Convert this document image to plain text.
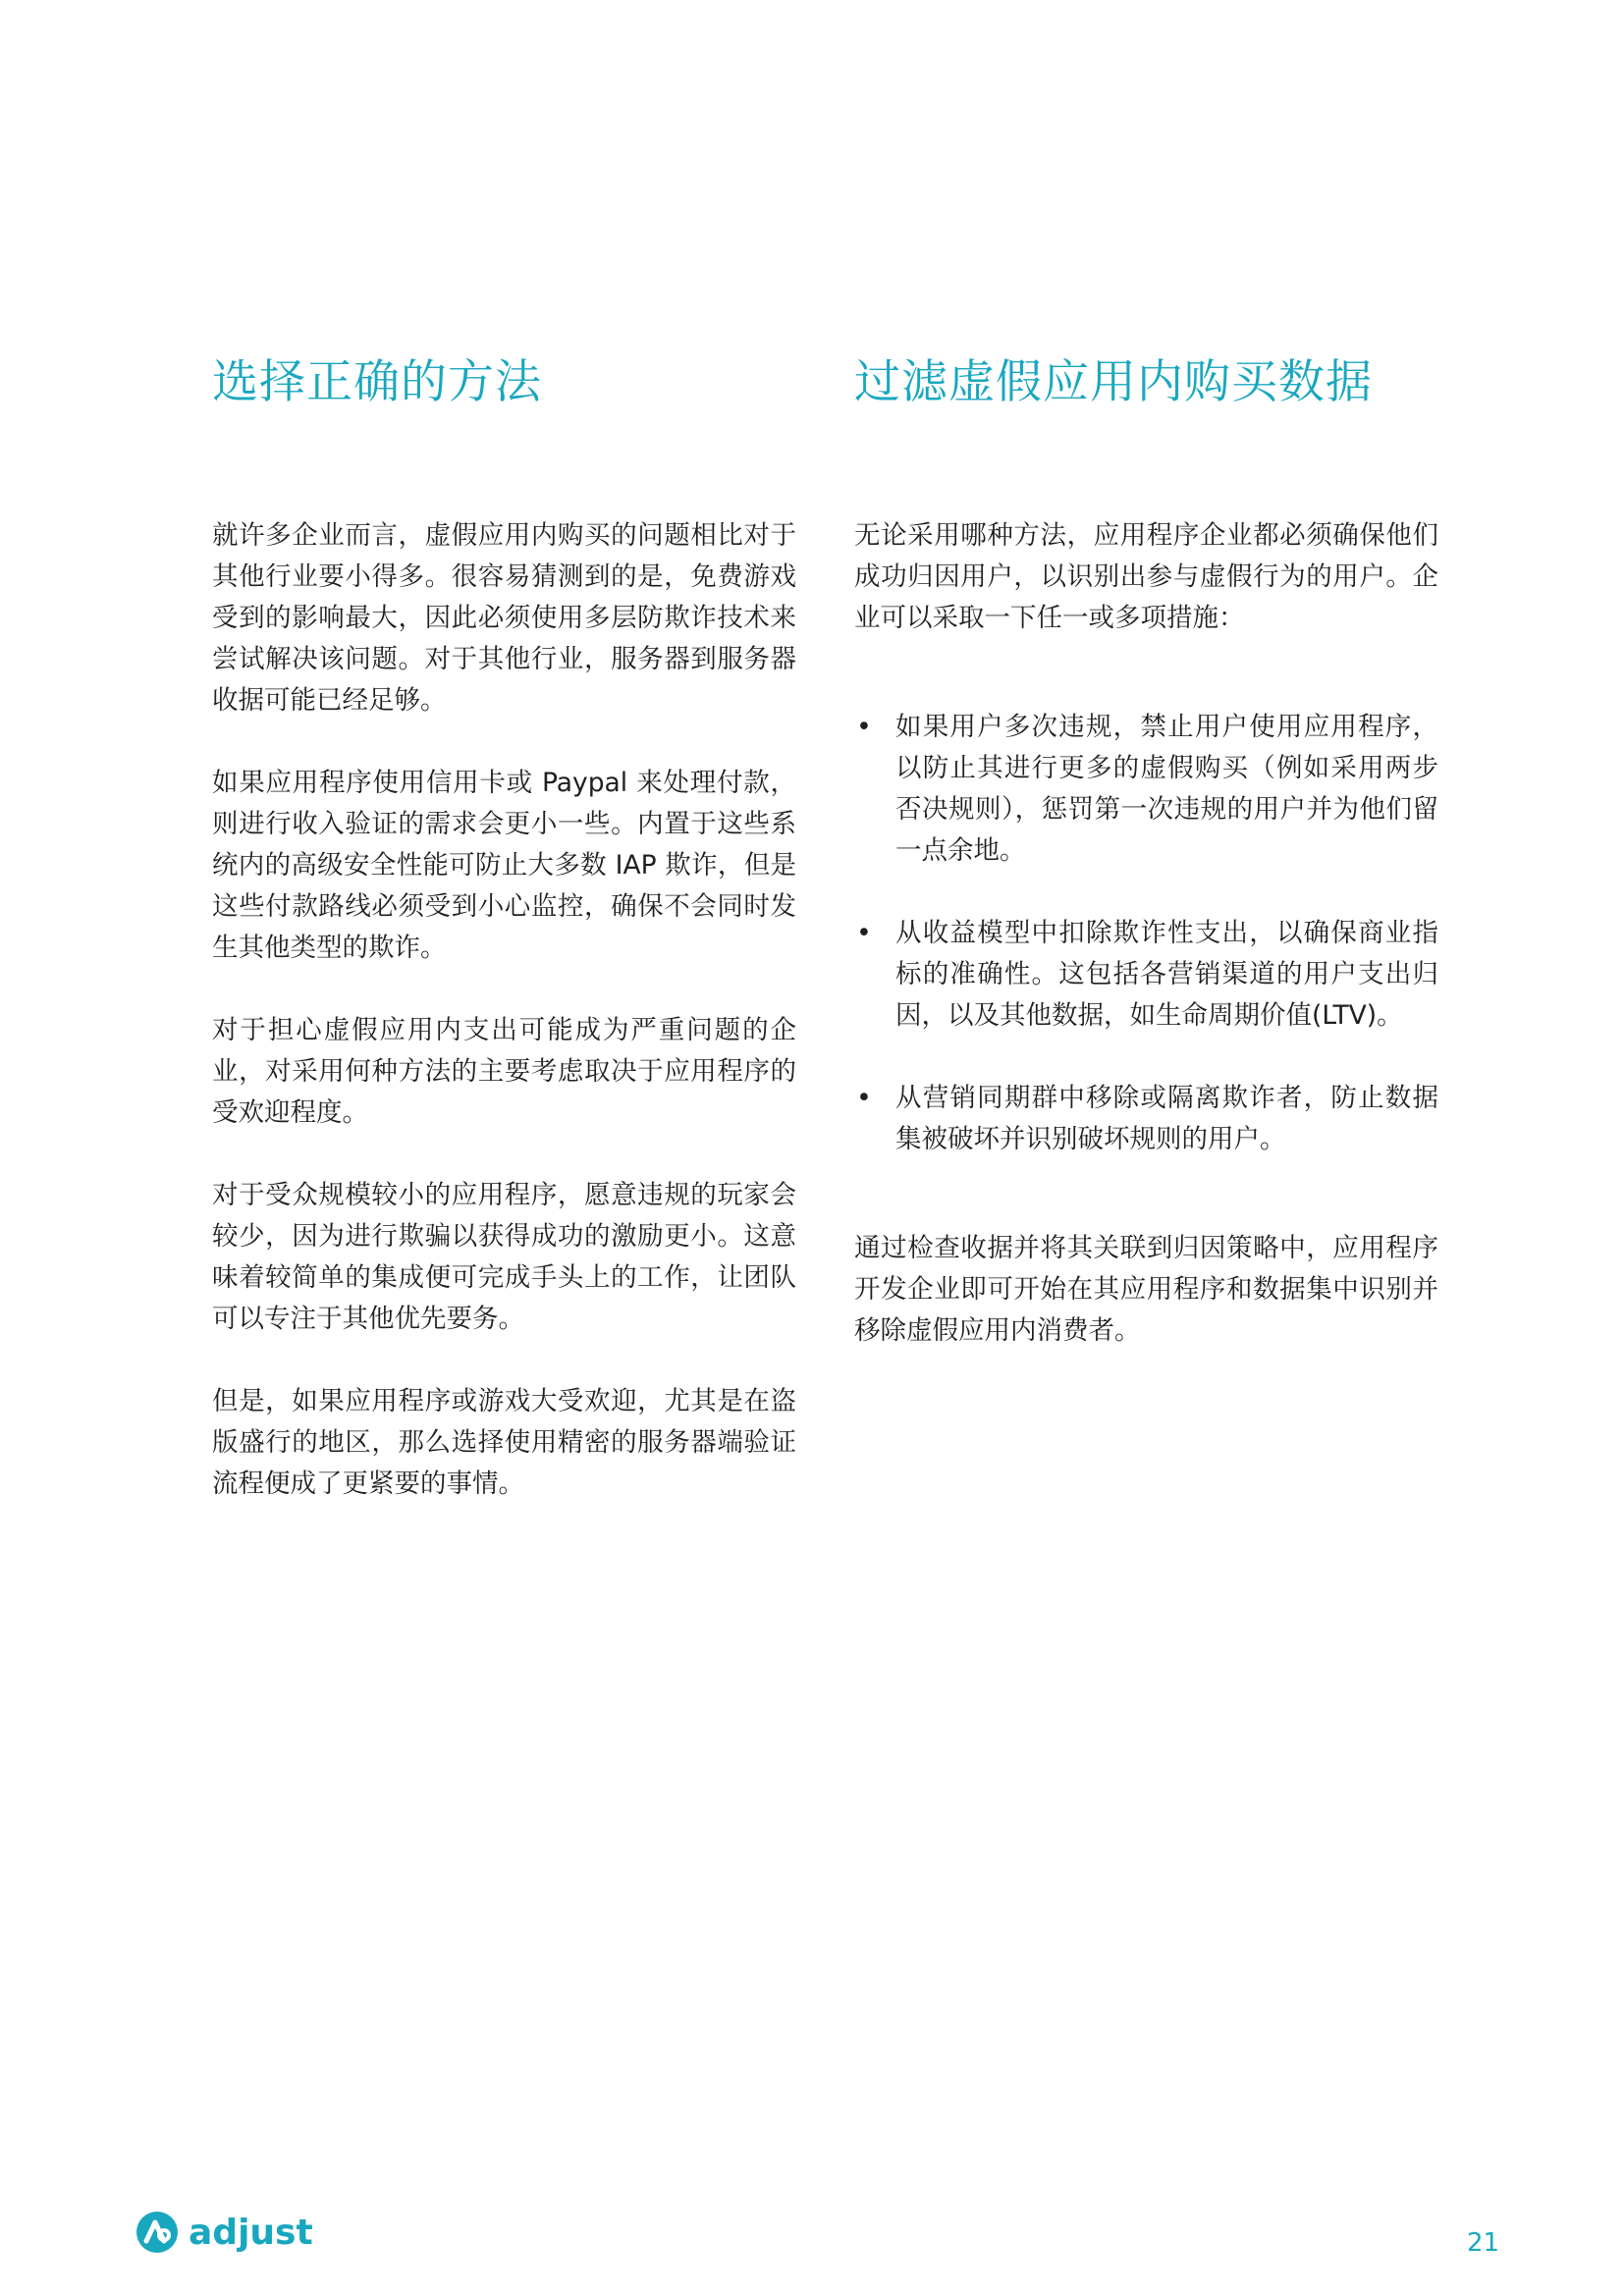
选择正确的方法

就许多企业而言，虚假应用内购买的问题相比对于其他行业要小得多。很容易猜测到的是，免费游戏受到的影响最大，因此必须使用多层防欺诈技术来尝试解决该问题。对于其他行业，服务器到服务器收据可能已经足够。

如果应用程序使用信用卡或 Paypal 来处理付款，则进行收入验证的需求会更小一些。内置于这些系统内的高级安全性能可防止大多数 IAP 欺诈，但是这些付款路线必须受到小心监控，确保不会同时发生其他类型的欺诈。

对于担心虚假应用内支出可能成为严重问题的企业，对采用何种方法的主要考虑取决于应用程序的受欢迎程度。

对于受众规模较小的应用程序，愿意违规的玩家会较少，因为进行欺骗以获得成功的激励更小。这意味着较简单的集成便可完成手头上的工作，让团队可以专注于其他优先要务。

但是，如果应用程序或游戏大受欢迎，尤其是在盗版盛行的地区，那么选择使用精密的服务器端验证流程便成了更紧要的事情。

过滤虚假应用内购买数据

无论采用哪种方法，应用程序企业都必须确保他们成功归因用户，以识别出参与虚假行为的用户。企业可以采取一下任一或多项措施：

• 如果用户多次违规，禁止用户使用应用程序，以防止其进行更多的虚假购买（例如采用两步否决规则），惩罚第一次违规的用户并为他们留一点余地。
• 从收益模型中扣除欺诈性支出，以确保商业指标的准确性。这包括各营销渠道的用户支出归因，以及其他数据，如生命周期价值(LTV)。
• 从营销同期群中移除或隔离欺诈者，防止数据集被破坏并识别破坏规则的用户。

通过检查收据并将其关联到归因策略中，应用程序开发企业即可开始在其应用程序和数据集中识别并移除虚假应用内消费者。

adjust	21
